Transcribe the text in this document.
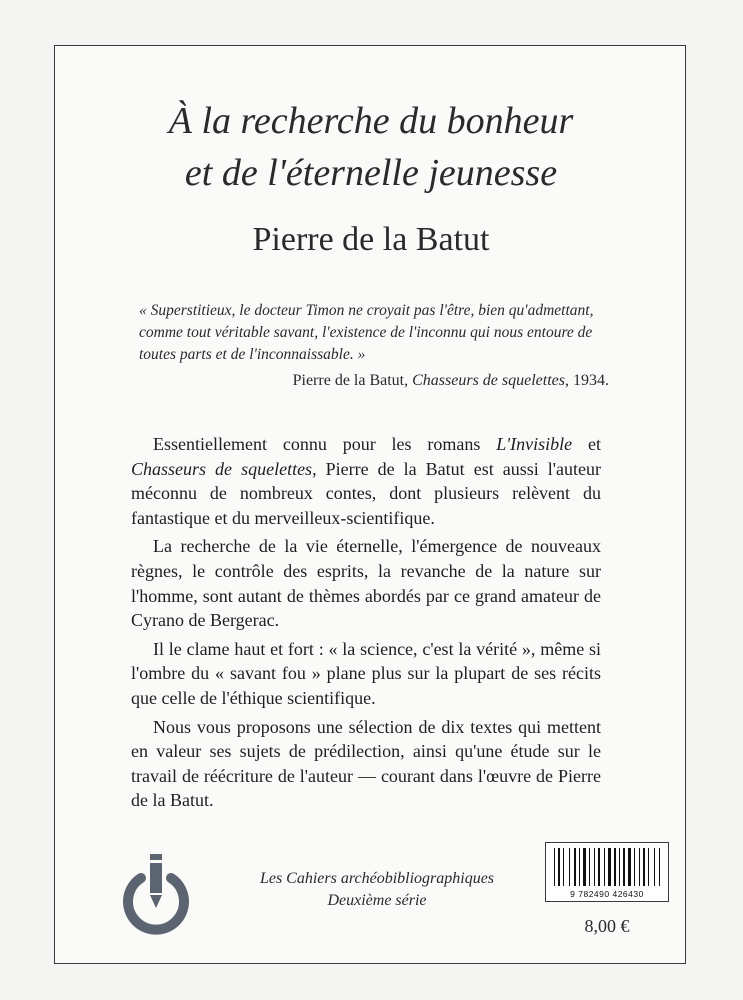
À la recherche du bonheur
et de l'éternelle jeunesse
Pierre de la Batut
« Superstitieux, le docteur Timon ne croyait pas l'être, bien qu'admettant, comme tout véritable savant, l'existence de l'inconnu qui nous entoure de toutes parts et de l'inconnaissable. »
Pierre de la Batut, Chasseurs de squelettes, 1934.

Essentiellement connu pour les romans L'Invisible et Chasseurs de squelettes, Pierre de la Batut est aussi l'auteur méconnu de nombreux contes, dont plusieurs relèvent du fantastique et du merveilleux-scientifique.

La recherche de la vie éternelle, l'émergence de nouveaux règnes, le contrôle des esprits, la revanche de la nature sur l'homme, sont autant de thèmes abordés par ce grand amateur de Cyrano de Bergerac.

Il le clame haut et fort : « la science, c'est la vérité », même si l'ombre du « savant fou » plane plus sur la plupart de ses récits que celle de l'éthique scientifique.

Nous vous proposons une sélection de dix textes qui mettent en valeur ses sujets de prédilection, ainsi qu'une étude sur le travail de réécriture de l'auteur — courant dans l'œuvre de Pierre de la Batut.

Les Cahiers archéobibliographiques
Deuxième série	9 782490 426430
8,00 €
